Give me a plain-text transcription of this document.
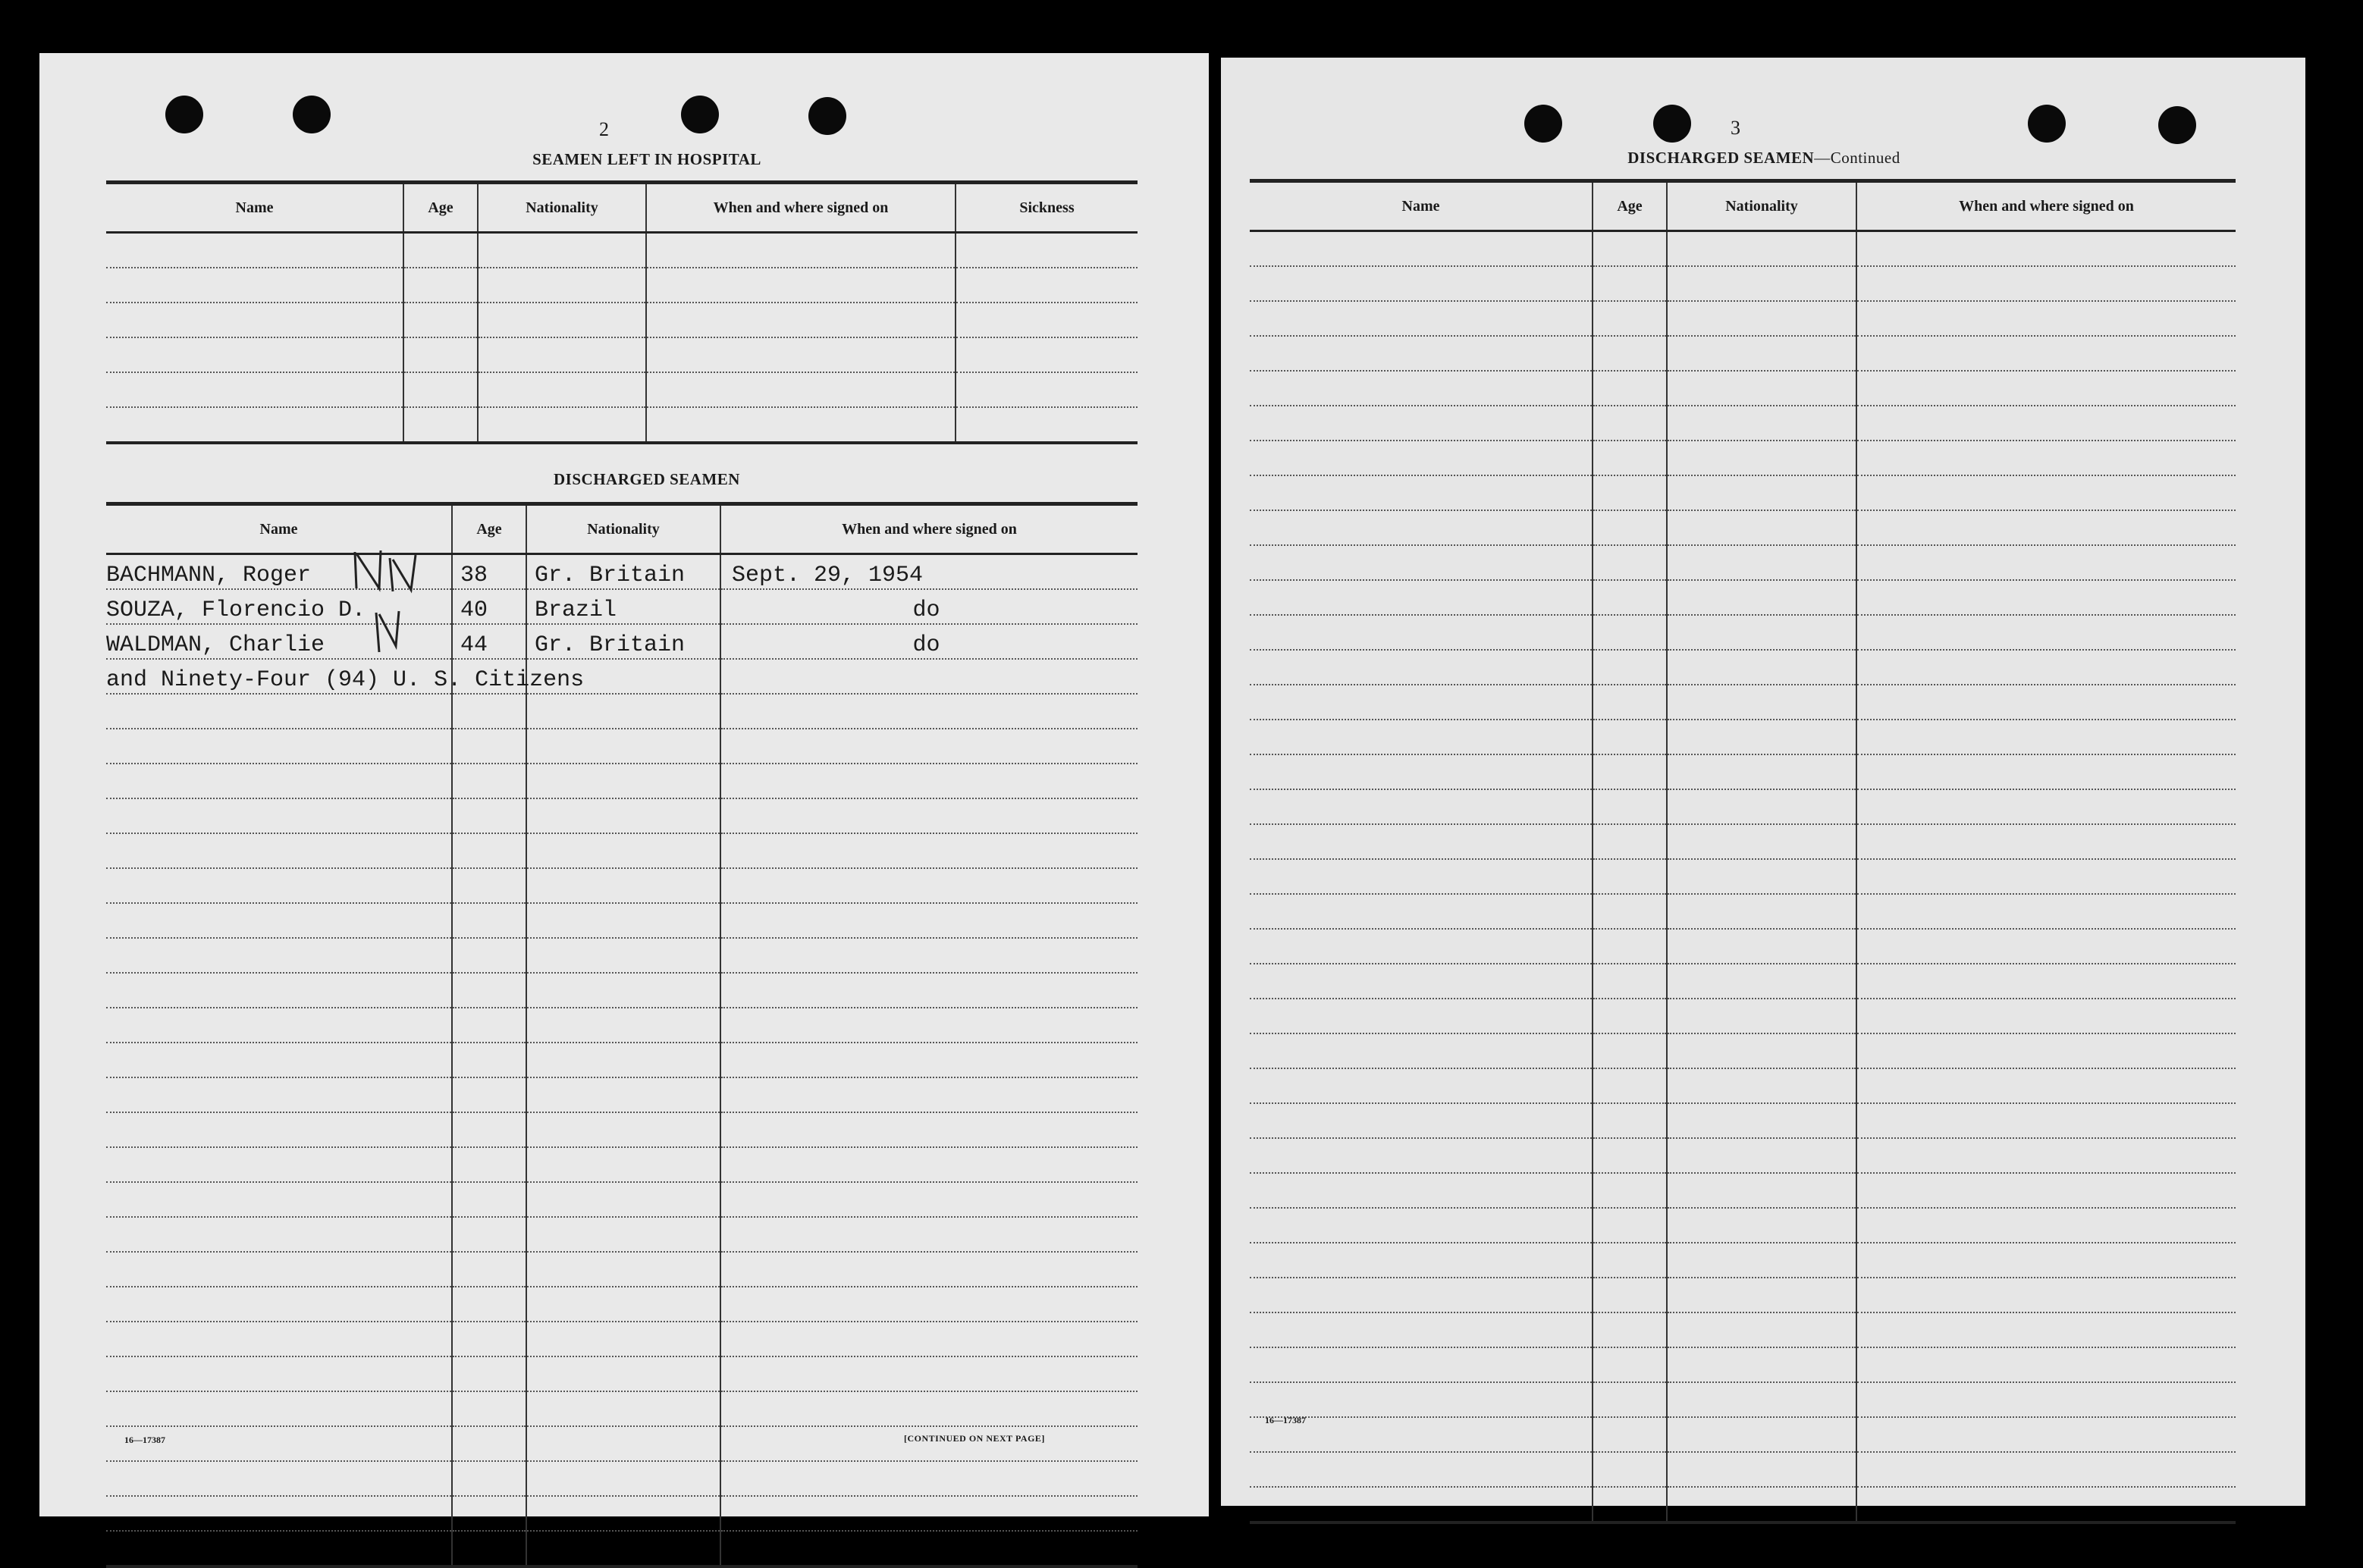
2
SEAMEN LEFT IN HOSPITAL
Name	Age	Nationality	When and where signed on	Sickness

DISCHARGED SEAMEN
Name	Age	Nationality	When and where signed on
BACHMANN, Roger	38	Gr. Britain	Sept. 29, 1954
SOUZA, Florencio D.	40	Brazil	do
WALDMAN, Charlie	44	Gr. Britain	do
and Ninety-Four (94) U. S. Citizens			

16—17387	[CONTINUED ON NEXT PAGE]
3
DISCHARGED SEAMEN—Continued
Name	Age	Nationality	When and where signed on

16—17387
